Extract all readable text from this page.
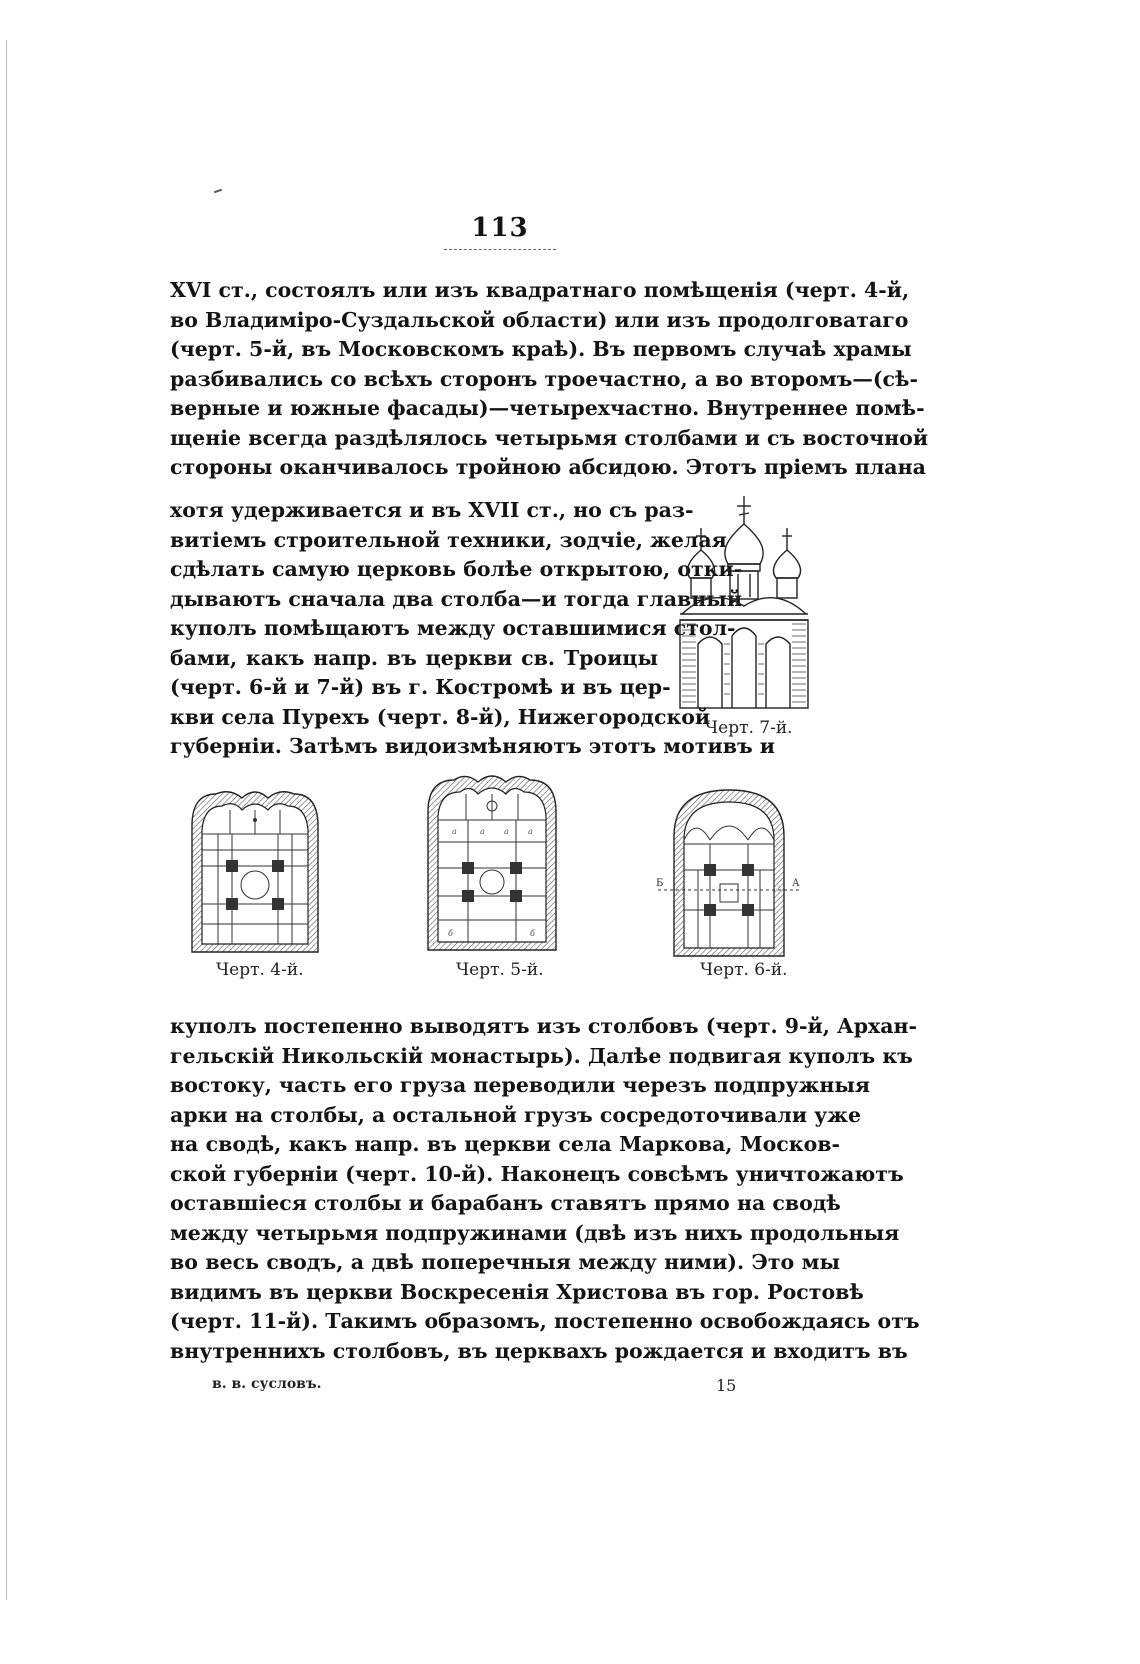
113

XVI ст., состоялъ или изъ квадратнаго помѣщенія (черт. 4-й,
во Владиміро-Суздальской области) или изъ продолговатаго
(черт. 5-й, въ Московскомъ краѣ). Въ первомъ случаѣ храмы
разбивались со всѣхъ сторонъ троечастно, а во второмъ—(сѣ-
верные и южные фасады)—четырехчастно. Внутреннее помѣ-
щеніе всегда раздѣлялось четырьмя столбами и съ восточной
стороны оканчивалось тройною абсидою. Этотъ пріемъ плана

хотя удерживается и въ XVII ст., но съ раз-
витіемъ строительной техники, зодчіе, желая
сдѣлать самую церковь болѣе открытою, отки-
дываютъ сначала два столба—и тогда главный
куполъ помѣщаютъ между оставшимися стол-
бами, какъ напр. въ церкви св. Троицы
(черт. 6-й и 7-й) въ г. Костромѣ и въ цер-
кви села Пурехъ (черт. 8-й), Нижегородской
губерніи. Затѣмъ видоизмѣняютъ этотъ мотивъ и

Черт. 7-й.
Черт. 4-й.
a	a a a
б	б
Черт. 5-й.
Б	А
Черт. 6-й.

куполъ постепенно выводятъ изъ столбовъ (черт. 9-й, Архан-
гельскій Никольскій монастырь). Далѣе подвигая куполъ къ
востоку, часть его груза переводили черезъ подпружныя
арки на столбы, а остальной грузъ сосредоточивали уже
на сводѣ, какъ напр. въ церкви села Маркова, Москов-
ской губерніи (черт. 10-й). Наконецъ совсѣмъ уничтожаютъ
оставшіеся столбы и барабанъ ставятъ прямо на сводѣ
между четырьмя подпружинами (двѣ изъ нихъ продольныя
во весь сводъ, а двѣ поперечныя между ними). Это мы
видимъ въ церкви Воскресенія Христова въ гор. Ростовѣ
(черт. 11-й). Такимъ образомъ, постепенно освобождаясь отъ
внутреннихъ столбовъ, въ церквахъ рождается и входитъ въ

в. в. сусловъ.	15
